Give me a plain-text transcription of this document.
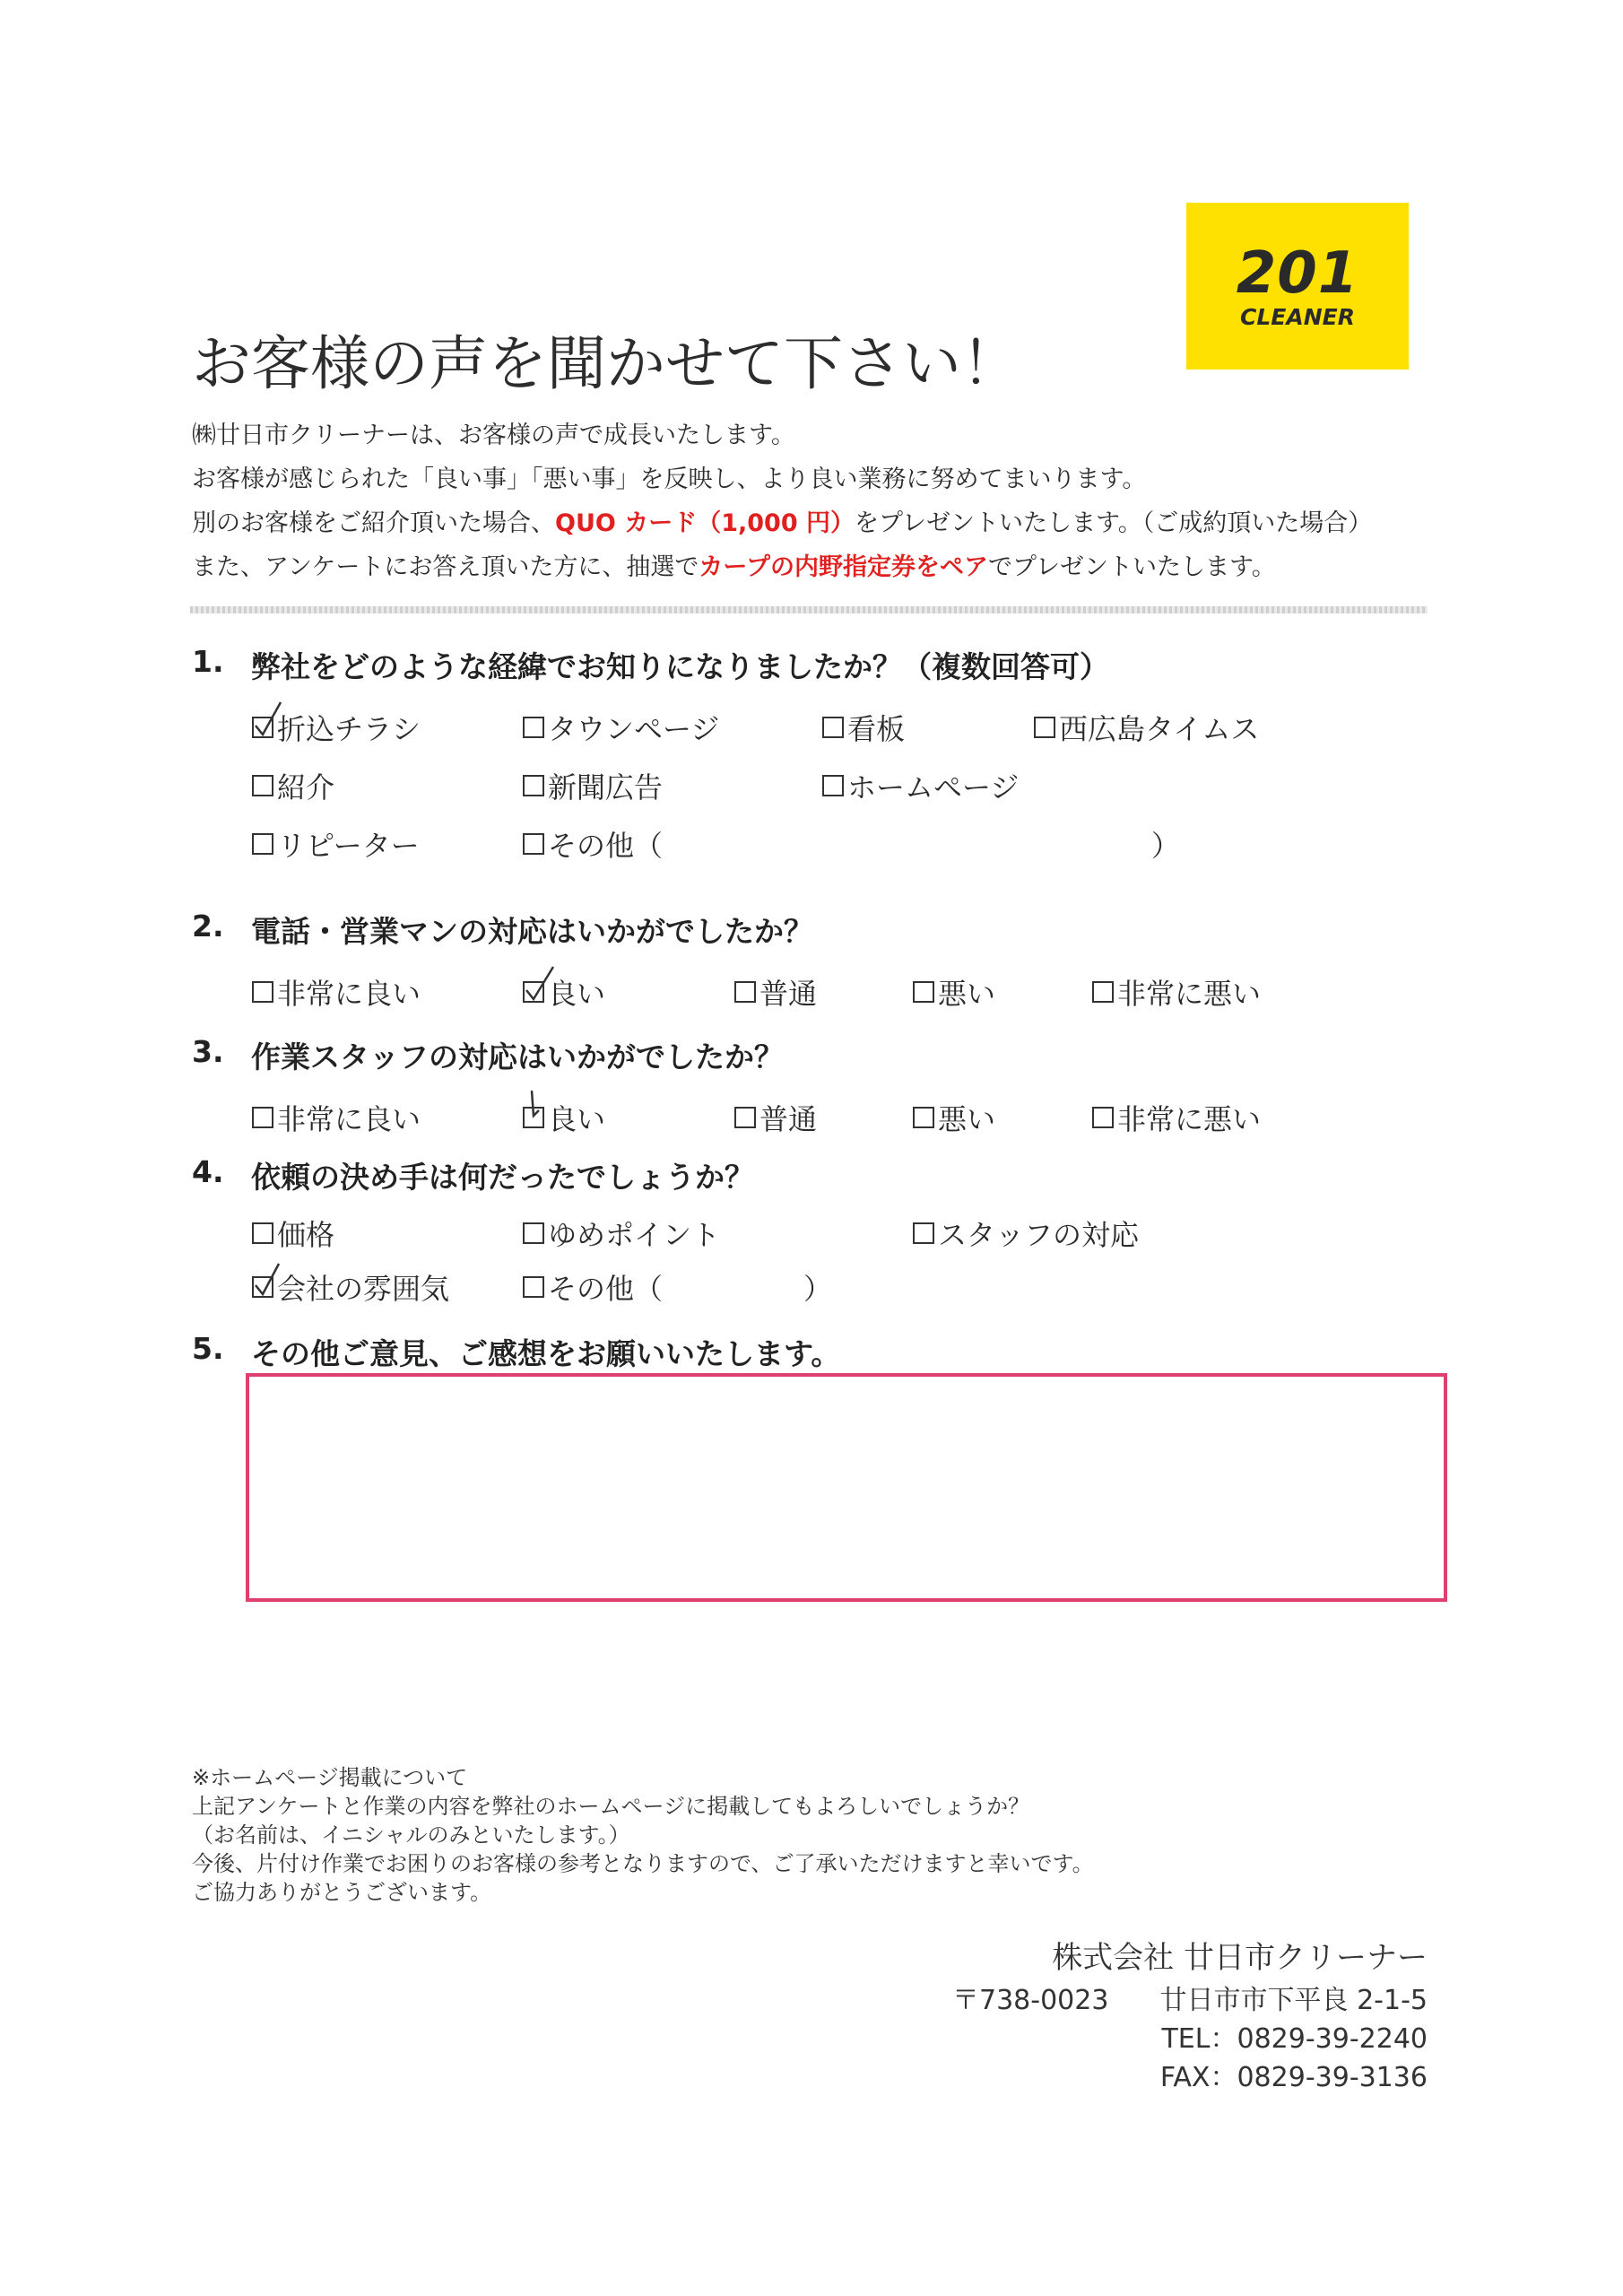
201
CLEANER
お客様の声を聞かせて下さい！
㈱廿日市クリーナーは、お客様の声で成長いたします。
お客様が感じられた「良い事」「悪い事」を反映し、より良い業務に努めてまいります。
別のお客様をご紹介頂いた場合、QUO カード（1,000 円）をプレゼントいたします。（ご成約頂いた場合）
また、アンケートにお答え頂いた方に、抽選でカープの内野指定券をペアでプレゼントいたします。
1. 弊社をどのような経緯でお知りになりましたか？（複数回答可）
折込チラシ	タウンページ	看板	西広島タイムス
紹介	新聞広告	ホームページ
リピーター	その他（	）
2. 電話・営業マンの対応はいかがでしたか？
非常に良い	良い	普通	悪い	非常に悪い
3. 作業スタッフの対応はいかがでしたか？
非常に良い	良い	普通	悪い	非常に悪い
4. 依頼の決め手は何だったでしょうか？
価格	ゆめポイント	スタッフの対応
会社の雰囲気	その他（	）
5. その他ご意見、ご感想をお願いいたします。
※ホームページ掲載について
上記アンケートと作業の内容を弊社のホームページに掲載してもよろしいでしょうか？
（お名前は、イニシャルのみといたします。）
今後、片付け作業でお困りのお客様の参考となりますので、ご了承いただけますと幸いです。
ご協力ありがとうございます。
株式会社 廿日市クリーナー
〒738-0023 廿日市市下平良 2-1-5
TEL：0829-39-2240
FAX：0829-39-3136
